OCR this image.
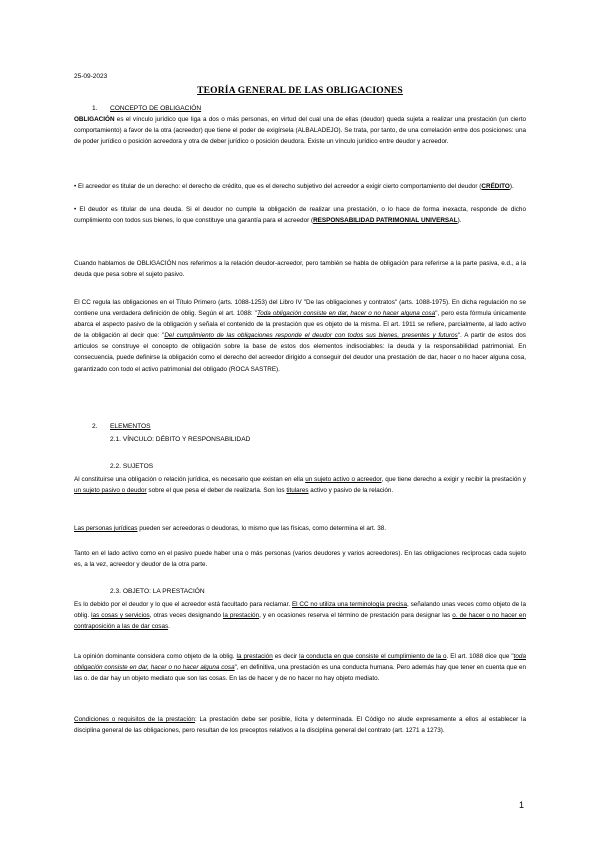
25-09-2023
TEORÍA GENERAL DE LAS OBLIGACIONES
1. CONCEPTO DE OBLIGACIÓN

OBLIGACIÓN es el vínculo jurídico que liga a dos o más personas, en virtud del cual una de ellas (deudor) queda sujeta a realizar una prestación (un cierto comportamiento) a favor de la otra (acreedor) que tiene el poder de exigírsela (ALBALADEJO). Se trata, por tanto, de una correlación entre dos posiciones: una de poder jurídico o posición acreedora y otra de deber jurídico o posición deudora. Existe un vínculo jurídico entre deudor y acreedor.

• El acreedor es titular de un derecho: el derecho de crédito, que es el derecho subjetivo del acreedor a exigir cierto comportamiento del deudor (CRÉDITO).

• El deudor es titular de una deuda. Si el deudor no cumple la obligación de realizar una prestación, o lo hace de forma inexacta, responde de dicho cumplimiento con todos sus bienes, lo que constituye una garantía para el acreedor (RESPONSABILIDAD PATRIMONIAL UNIVERSAL).

Cuando hablamos de OBLIGACIÓN nos referimos a la relación deudor-acreedor, pero también se habla de obligación para referirse a la parte pasiva, e.d., a la deuda que pesa sobre el sujeto pasivo.

El CC regula las obligaciones en el Título Primero (arts. 1088-1253) del Libro IV "De las obligaciones y contratos" (arts. 1088-1975). En dicha regulación no se contiene una verdadera definición de oblig. Según el art. 1088: "Toda obligación consiste en dar, hacer o no hacer alguna cosa", pero esta fórmula únicamente abarca el aspecto pasivo de la obligación y señala el contenido de la prestación que es objeto de la misma. El art. 1911 se refiere, parcialmente, al lado activo de la obligación al decir que: "Del cumplimiento de las obligaciones responde el deudor con todos sus bienes, presentes y futuros". A partir de estos dos artículos se construye el concepto de obligación sobre la base de estos dos elementos indisociables: la deuda y la responsabilidad patrimonial. En consecuencia, puede definirse la obligación como el derecho del acreedor dirigido a conseguir del deudor una prestación de dar, hacer o no hacer alguna cosa, garantizado con todo el activo patrimonial del obligado (ROCA SASTRE).

2. ELEMENTOS
2.1. VÍNCULO: DÉBITO Y RESPONSABILIDAD
2.2. SUJETOS

Al constituirse una obligación o relación jurídica, es necesario que existan en ella un sujeto activo o acreedor, que tiene derecho a exigir y recibir la prestación y un sujeto pasivo o deudor sobre el que pesa el deber de realizarla. Son los titulares activo y pasivo de la relación.

Las personas jurídicas pueden ser acreedoras o deudoras, lo mismo que las físicas, como determina el art. 38.

Tanto en el lado activo como en el pasivo puede haber una o más personas (varios deudores y varios acreedores). En las obligaciones recíprocas cada sujeto es, a la vez, acreedor y deudor de la otra parte.

2.3. OBJETO: LA PRESTACIÓN

Es lo debido por el deudor y lo que el acreedor está facultado para reclamar. El CC no utiliza una terminología precisa, señalando unas veces como objeto de la oblig. las cosas y servicios, otras veces designando la prestación, y en ocasiones reserva el término de prestación para designar las o. de hacer o no hacer en contraposición a las de dar cosas.

La opinión dominante considera como objeto de la oblig. la prestación es decir la conducta en que consiste el cumplimiento de la o. El art. 1088 dice que "toda obligación consiste en dar, hacer o no hacer alguna cosa", en definitiva, una prestación es una conducta humana. Pero además hay que tener en cuenta que en las o. de dar hay un objeto mediato que son las cosas. En las de hacer y de no hacer no hay objeto mediato.

Condiciones o requisitos de la prestación: La prestación debe ser posible, lícita y determinada. El Código no alude expresamente a ellos al establecer la disciplina general de las obligaciones, pero resultan de los preceptos relativos a la disciplina general del contrato (art. 1271 a 1273).

1
